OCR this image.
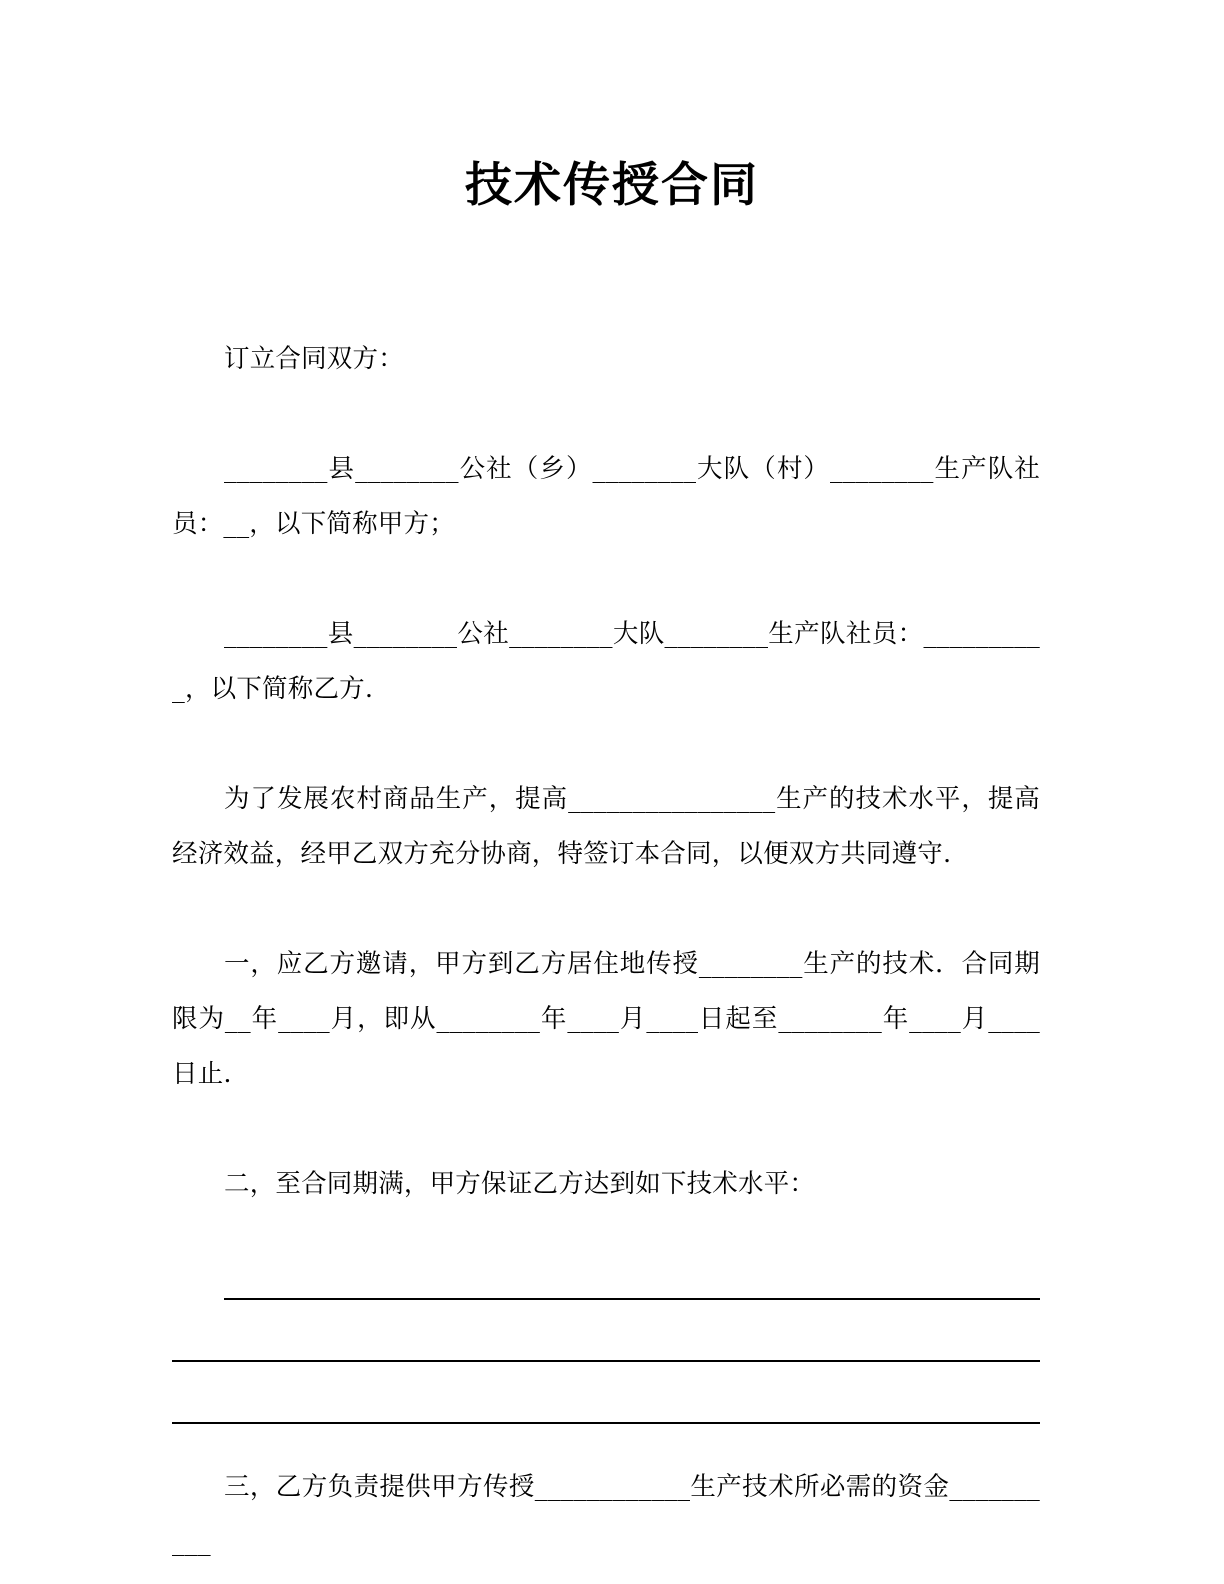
技术传授合同

订立合同双方：

________县________公社（乡）________大队（村）________生产队社员：__，以下简称甲方；

________县________公社________大队________生产队社员：__________，以下简称乙方.

为了发展农村商品生产，提高________________生产的技术水平，提高经济效益，经甲乙双方充分协商，特签订本合同，以便双方共同遵守.

一，应乙方邀请，甲方到乙方居住地传授________生产的技术．合同期限为__年____月，即从________年____月____日起至________年____月____日止.

二，至合同期满，甲方保证乙方达到如下技术水平：

三，乙方负责提供甲方传授____________生产技术所必需的资金__________
